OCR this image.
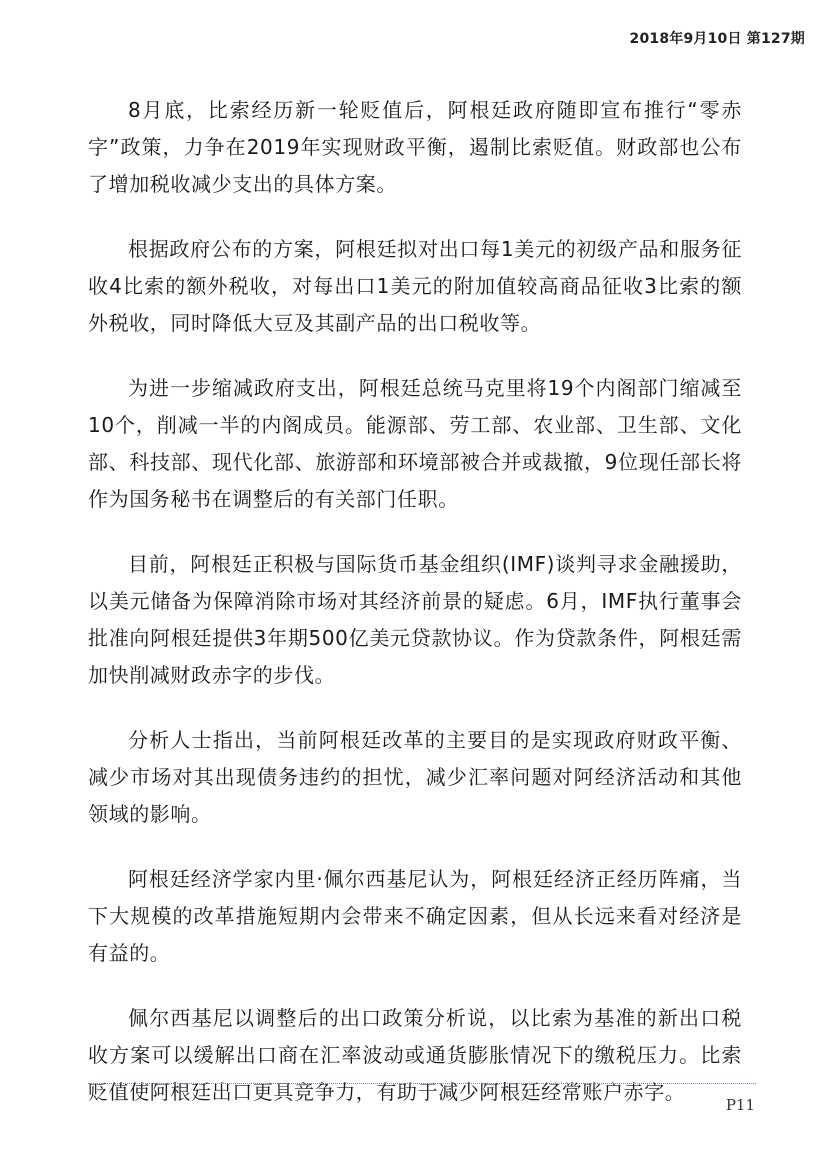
2018年9月10日 第127期

8月底，比索经历新一轮贬值后，阿根廷政府随即宣布推行“零赤字”政策，力争在2019年实现财政平衡，遏制比索贬值。财政部也公布了增加税收减少支出的具体方案。

根据政府公布的方案，阿根廷拟对出口每1美元的初级产品和服务征收4比索的额外税收，对每出口1美元的附加值较高商品征收3比索的额外税收，同时降低大豆及其副产品的出口税收等。

为进一步缩减政府支出，阿根廷总统马克里将19个内阁部门缩减至10个，削减一半的内阁成员。能源部、劳工部、农业部、卫生部、文化部、科技部、现代化部、旅游部和环境部被合并或裁撤，9位现任部长将作为国务秘书在调整后的有关部门任职。

目前，阿根廷正积极与国际货币基金组织(IMF)谈判寻求金融援助，以美元储备为保障消除市场对其经济前景的疑虑。6月，IMF执行董事会批准向阿根廷提供3年期500亿美元贷款协议。作为贷款条件，阿根廷需加快削减财政赤字的步伐。

分析人士指出，当前阿根廷改革的主要目的是实现政府财政平衡、减少市场对其出现债务违约的担忧，减少汇率问题对阿经济活动和其他领域的影响。

阿根廷经济学家内里·佩尔西基尼认为，阿根廷经济正经历阵痛，当下大规模的改革措施短期内会带来不确定因素，但从长远来看对经济是有益的。

佩尔西基尼以调整后的出口政策分析说，以比索为基准的新出口税收方案可以缓解出口商在汇率波动或通货膨胀情况下的缴税压力。比索贬值使阿根廷出口更具竞争力，有助于减少阿根廷经常账户赤字。

P11
